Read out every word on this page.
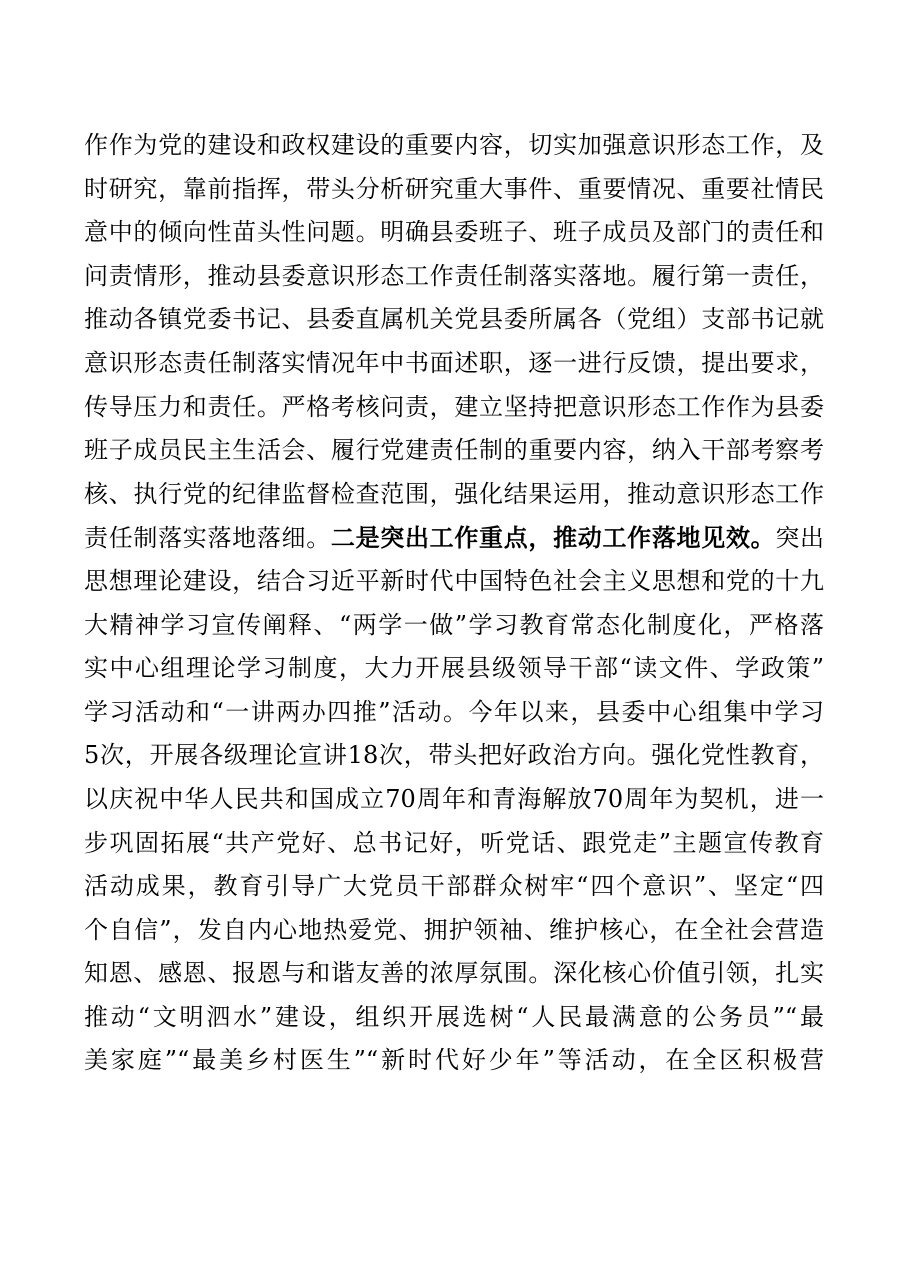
作作为党的建设和政权建设的重要内容，切实加强意识形态工作，及
时研究，靠前指挥，带头分析研究重大事件、重要情况、重要社情民
意中的倾向性苗头性问题。明确县委班子、班子成员及部门的责任和
问责情形，推动县委意识形态工作责任制落实落地。履行第一责任，
推动各镇党委书记、县委直属机关党县委所属各（党组）支部书记就
意识形态责任制落实情况年中书面述职，逐一进行反馈，提出要求，
传导压力和责任。严格考核问责，建立坚持把意识形态工作作为县委
班子成员民主生活会、履行党建责任制的重要内容，纳入干部考察考
核、执行党的纪律监督检查范围，强化结果运用，推动意识形态工作
责任制落实落地落细。二是突出工作重点，推动工作落地见效。突出
思想理论建设，结合习近平新时代中国特色社会主义思想和党的十九
大精神学习宣传阐释、“两学一做”学习教育常态化制度化，严格落
实中心组理论学习制度，大力开展县级领导干部“读文件、学政策”
学习活动和“一讲两办四推”活动。今年以来，县委中心组集中学习
5次，开展各级理论宣讲18次，带头把好政治方向。强化党性教育，
以庆祝中华人民共和国成立70周年和青海解放70周年为契机，进一
步巩固拓展“共产党好、总书记好，听党话、跟党走”主题宣传教育
活动成果，教育引导广大党员干部群众树牢“四个意识”、坚定“四
个自信”，发自内心地热爱党、拥护领袖、维护核心，在全社会营造
知恩、感恩、报恩与和谐友善的浓厚氛围。深化核心价值引领，扎实
推动“文明泗水”建设，组织开展选树“人民最满意的公务员”“最
美家庭”“最美乡村医生”“新时代好少年”等活动，在全区积极营
